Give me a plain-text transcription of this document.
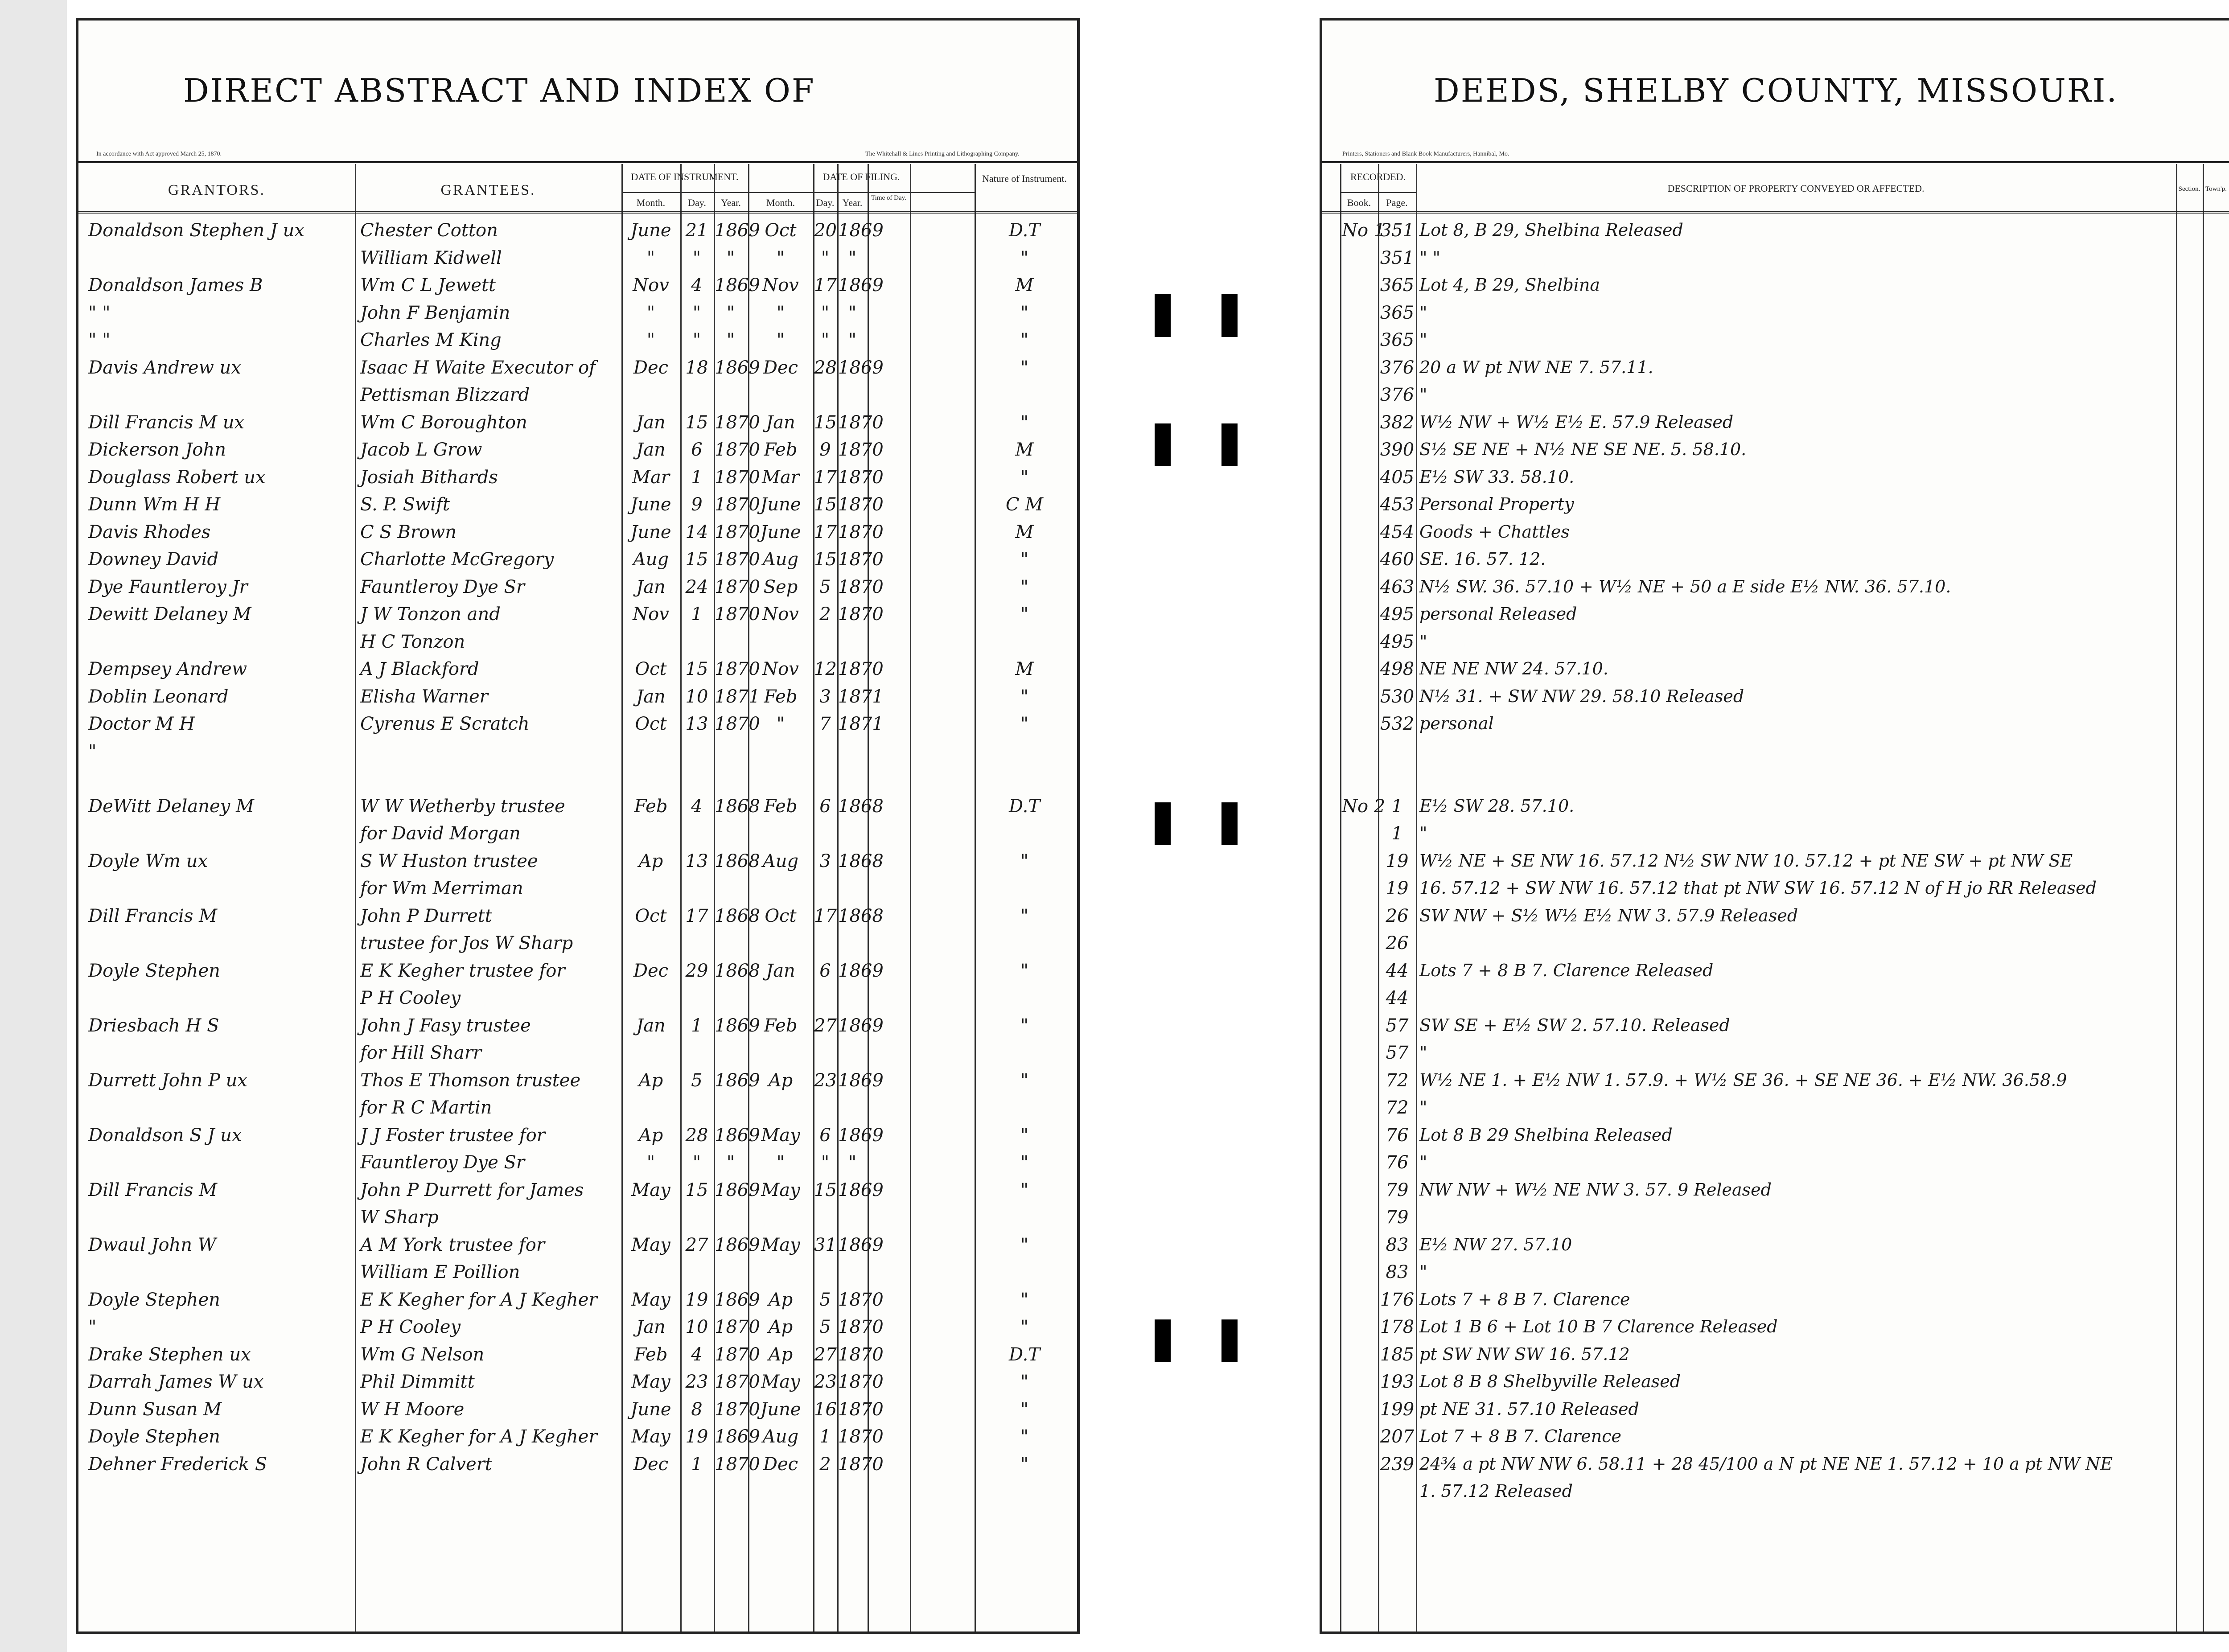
DIRECT ABSTRACT AND INDEX OF
In accordance with Act approved March 25, 1870.	The Whitehall & Lines Printing and Lithographing Company.
GRANTORS.	GRANTEES.
DATE OF INSTRUMENT.	DATE OF FILING.
Month.	Day.	Year.	Month.	Day. Year.	Time of Day.
Nature of Instrument.
Donaldson Stephen J ux	Chester Cotton	June 21 1869 Oct 20 1869	D.T
William Kidwell	"	"	"	"	"	"	"
Donaldson James B	Wm C L Jewett	Nov	4 1869 Nov 17 1869	M
" "	John F Benjamin	"	"	"	"	"	"	"
" "	Charles M King	"	"	"	"	"	"	"
Davis Andrew ux	Isaac H Waite Executor of	Dec 18 1869 Dec 28 1869	"
Pettisman Blizzard
Dill Francis M ux	Wm C Boroughton	Jan	15 1870 Jan	15 1870	"
Dickerson John	Jacob L Grow	Jan	6 1870 Feb	9 1870	M
Douglass Robert ux	Josiah Bithards	Mar	1 1870 Mar 17 1870	"
Dunn Wm H H	S. P. Swift	June	9 1870 June 15 1870	C M
Davis Rhodes	C S Brown	June 14 1870 June 17 1870	M
Downey David	Charlotte McGregory	Aug 15 1870 Aug 15 1870	"
Dye Fauntleroy Jr	Fauntleroy Dye Sr	Jan	24 1870 Sep	5 1870	"
Dewitt Delaney M	J W Tonzon and	Nov	1 1870 Nov	2 1870	"
H C Tonzon
Dempsey Andrew	A J Blackford	Oct	15 1870 Nov 12 1870	M
Doblin Leonard	Elisha Warner	Jan	10 1871 Feb	3 1871	"
Doctor M H	Cyrenus E Scratch	Oct	13 1870 "	7 1871	"
"
DeWitt Delaney M	W W Wetherby trustee	Feb	4 1868 Feb	6 1868	D.T
for David Morgan
Doyle Wm ux	S W Huston trustee	Ap	13 1868 Aug	3 1868	"
for Wm Merriman
Dill Francis M	John P Durrett	Oct	17 1868 Oct 17 1868	"
trustee for Jos W Sharp
Doyle Stephen	E K Kegher trustee for	Dec 29 1868 Jan	6 1869	"
P H Cooley
Driesbach H S	John J Fasy trustee	Jan	1 1869 Feb 27 1869	"
for Hill Sharr
Durrett John P ux	Thos E Thomson trustee	Ap	5 1869 Ap	23 1869	"
for R C Martin
Donaldson S J ux	J J Foster trustee for	Ap	28 1869 May	6 1869	"
Fauntleroy Dye Sr	"	"	"	"	"	"	"
Dill Francis M	John P Durrett for James	May 15 1869 May 15 1869	"
W Sharp
Dwaul John W	A M York trustee for	May 27 1869 May 31 1869	"
William E Poillion
Doyle Stephen	E K Kegher for A J Kegher	May 19 1869 Ap	5 1870	"
"	P H Cooley	Jan	10 1870 Ap	5 1870	"
Drake Stephen ux	Wm G Nelson	Feb	4 1870 Ap	27 1870	D.T
Darrah James W ux	Phil Dimmitt	May 23 1870 May 23 1870	"
Dunn Susan M	W H Moore	June	8 1870 June 16 1870	"
Doyle Stephen	E K Kegher for A J Kegher	May 19 1869 Aug	1 1870	"
Dehner Frederick S	John R Calvert	Dec	1 1870 Dec	2 1870	"
DEEDS, SHELBY COUNTY, MISSOURI.
Printers, Stationers and Blank Book Manufacturers, Hannibal, Mo.
RECORDED.
Book.	Page.
DESCRIPTION OF PROPERTY CONVEYED OR AFFECTED.	Section. Town'p.
No 1
351 Lot 8, B 29, Shelbina Released
351 " "
365 Lot 4, B 29, Shelbina
365 "
365 "
376 20 a W pt NW NE 7. 57.11.
376 "
382 W½ NW + W½ E½ E. 57.9 Released
390 S½ SE NE + N½ NE SE NE. 5. 58.10.
405 E½ SW 33. 58.10.
453 Personal Property
454 Goods + Chattles
460 SE. 16. 57. 12.
463 N½ SW. 36. 57.10 + W½ NE + 50 a E side E½ NW. 36. 57.10.
495 personal Released
495 "
498 NE NE NW 24. 57.10.
530 N½ 31. + SW NW 29. 58.10 Released
532 personal
No 2 1 E½ SW 28. 57.10.
1 "
19 W½ NE + SE NW 16. 57.12 N½ SW NW 10. 57.12 + pt NE SW + pt NW SE
19 16. 57.12 + SW NW 16. 57.12 that pt NW SW 16. 57.12 N of H jo RR Released
26 SW NW + S½ W½ E½ NW 3. 57.9 Released
26
44 Lots 7 + 8 B 7. Clarence Released
44
57 SW SE + E½ SW 2. 57.10. Released
57 "
72 W½ NE 1. + E½ NW 1. 57.9. + W½ SE 36. + SE NE 36. + E½ NW. 36.58.9
72 "
76 Lot 8 B 29 Shelbina Released
76 "
79 NW NW + W½ NE NW 3. 57. 9 Released
79
83 E½ NW 27. 57.10
83 "
176 Lots 7 + 8 B 7. Clarence
178 Lot 1 B 6 + Lot 10 B 7 Clarence Released
185 pt SW NW SW 16. 57.12
193 Lot 8 B 8 Shelbyville Released
199 pt NE 31. 57.10 Released
207 Lot 7 + 8 B 7. Clarence
239 24¾ a pt NW NW 6. 58.11 + 28 45/100 a N pt NE NE 1. 57.12 + 10 a pt NW NE
1. 57.12 Released
